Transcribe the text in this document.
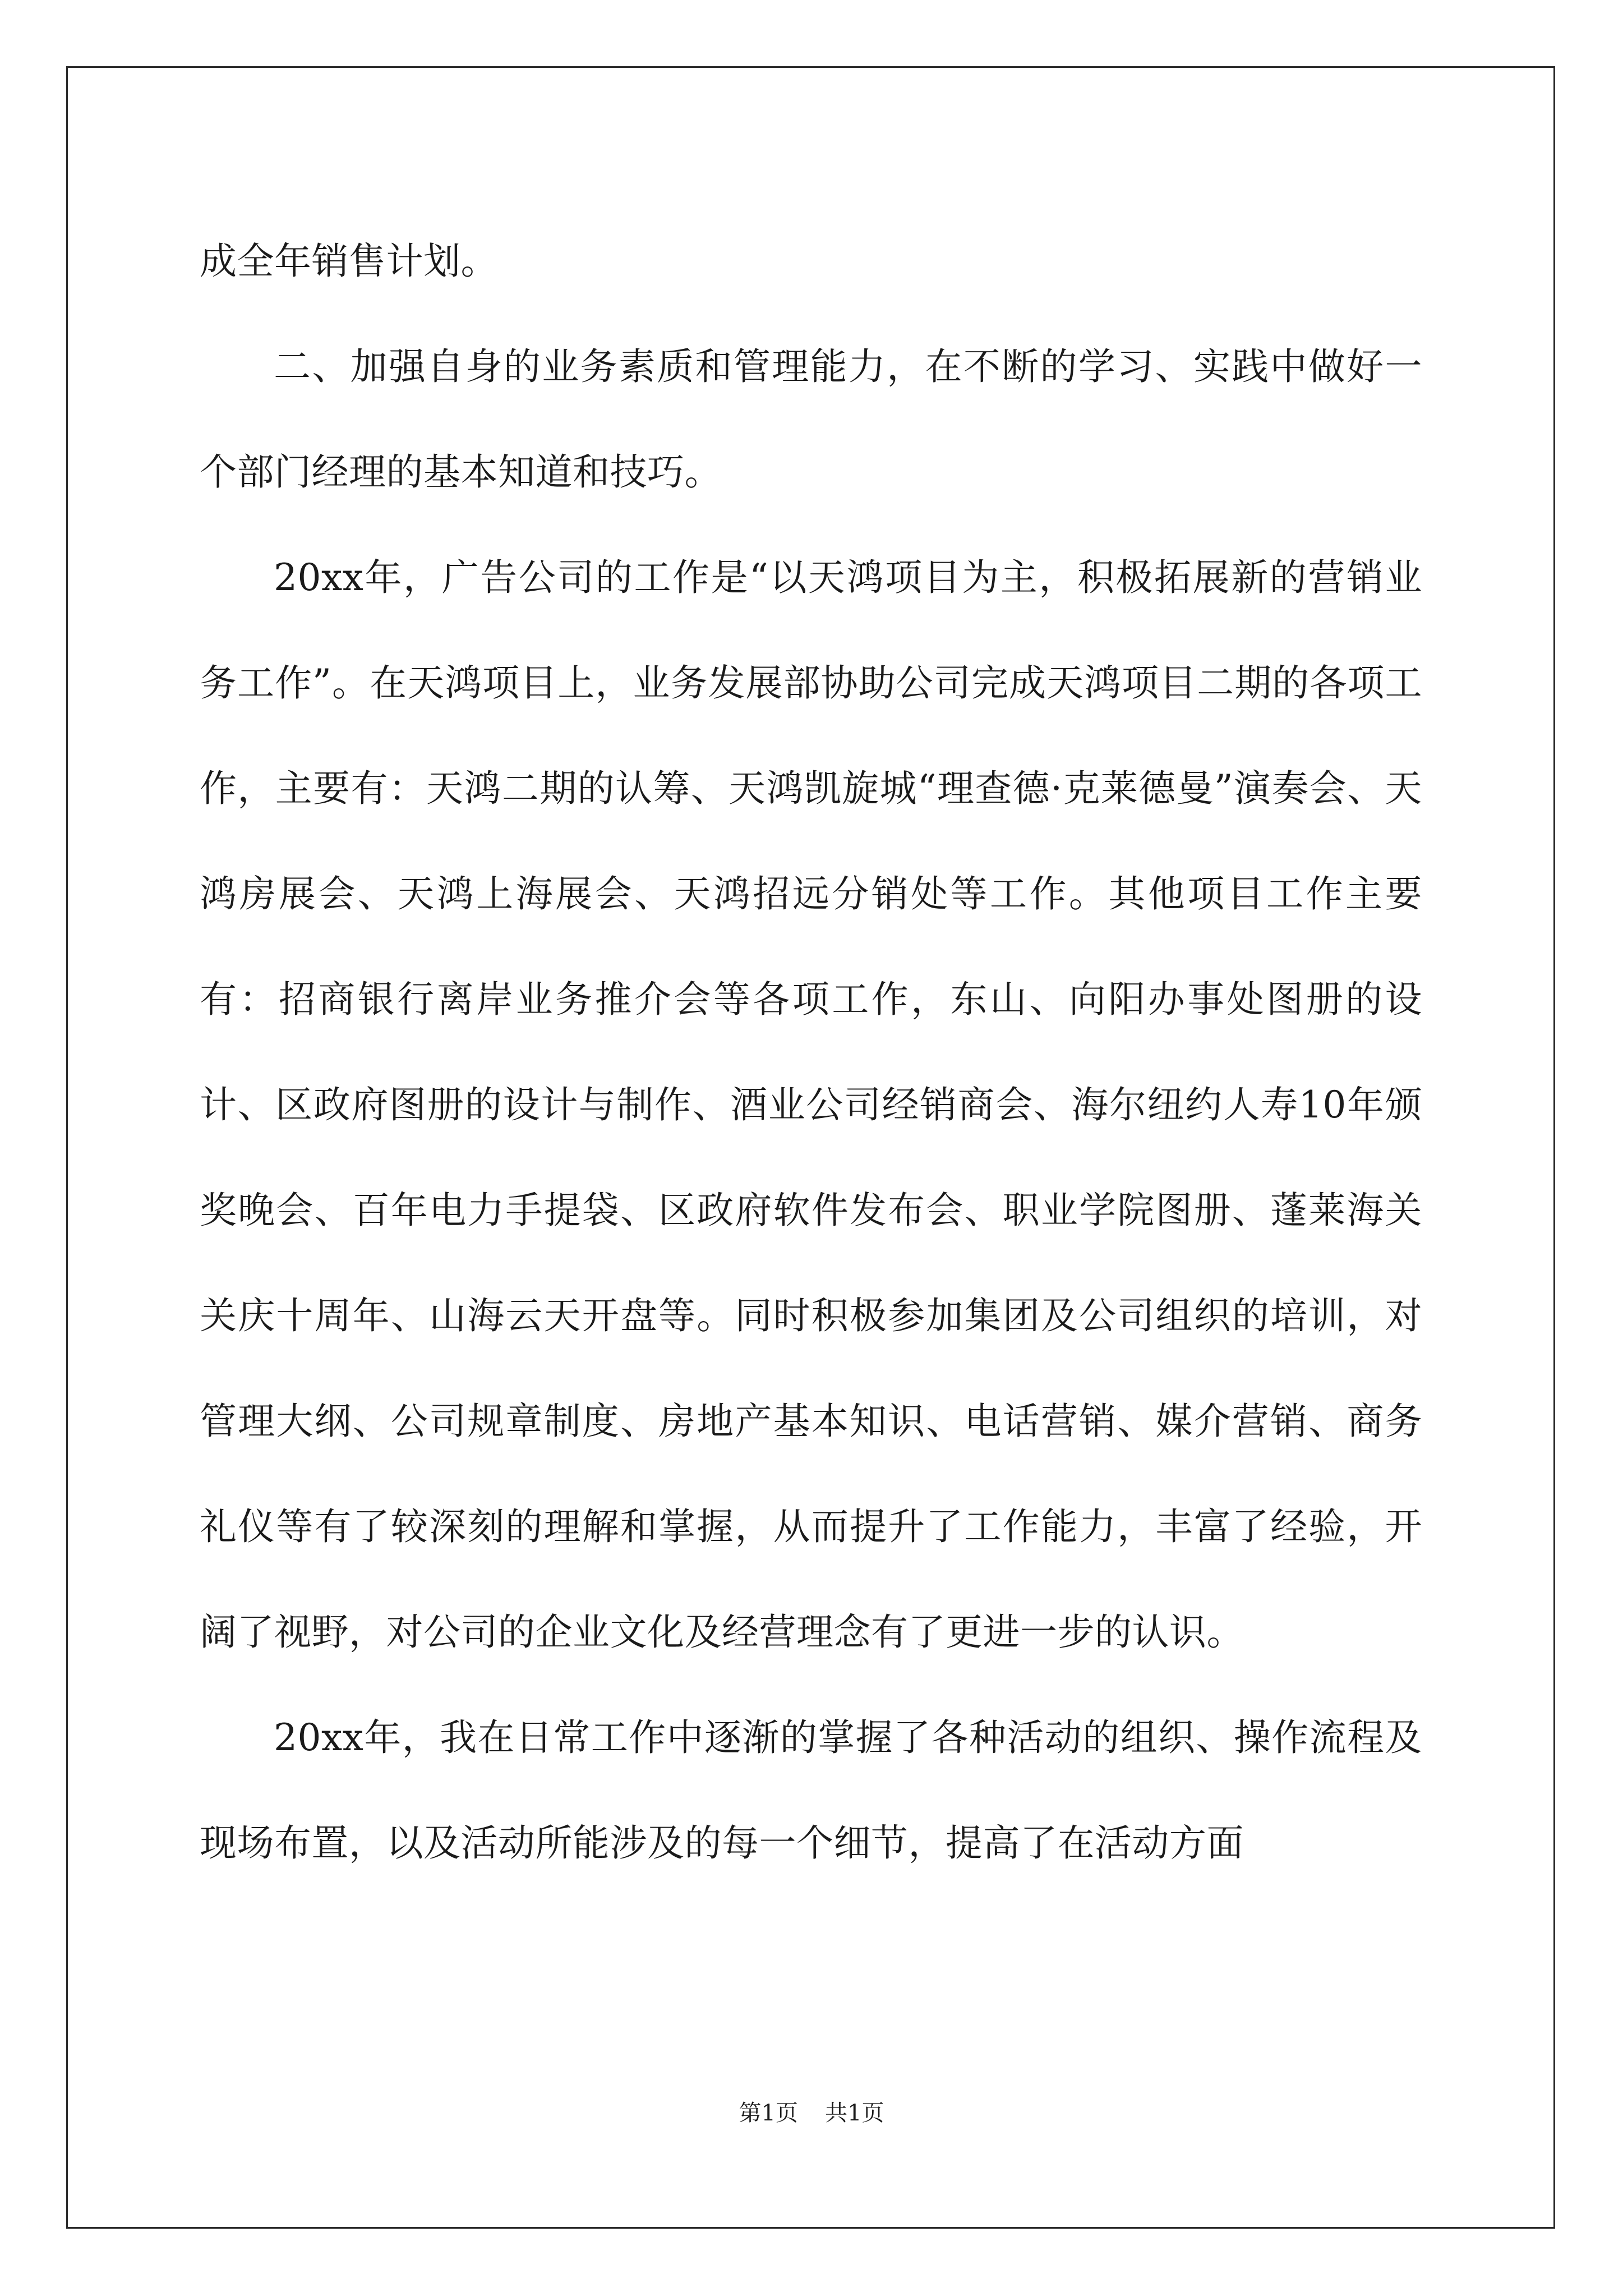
成全年销售计划。

二、加强自身的业务素质和管理能力，在不断的学习、实践中做好一个部门经理的基本知道和技巧。

20xx年，广告公司的工作是“以天鸿项目为主，积极拓展新的营销业务工作”。在天鸿项目上，业务发展部协助公司完成天鸿项目二期的各项工作，主要有：天鸿二期的认筹、天鸿凯旋城“理查德·克莱德曼”演奏会、天鸿房展会、天鸿上海展会、天鸿招远分销处等工作。其他项目工作主要有：招商银行离岸业务推介会等各项工作，东山、向阳办事处图册的设计、区政府图册的设计与制作、酒业公司经销商会、海尔纽约人寿10年颁奖晚会、百年电力手提袋、区政府软件发布会、职业学院图册、蓬莱海关关庆十周年、山海云天开盘等。同时积极参加集团及公司组织的培训，对管理大纲、公司规章制度、房地产基本知识、电话营销、媒介营销、商务礼仪等有了较深刻的理解和掌握，从而提升了工作能力，丰富了经验，开阔了视野，对公司的企业文化及经营理念有了更进一步的认识。

20xx年，我在日常工作中逐渐的掌握了各种活动的组织、操作流程及现场布置，以及活动所能涉及的每一个细节，提高了在活动方面

第1页 共1页
